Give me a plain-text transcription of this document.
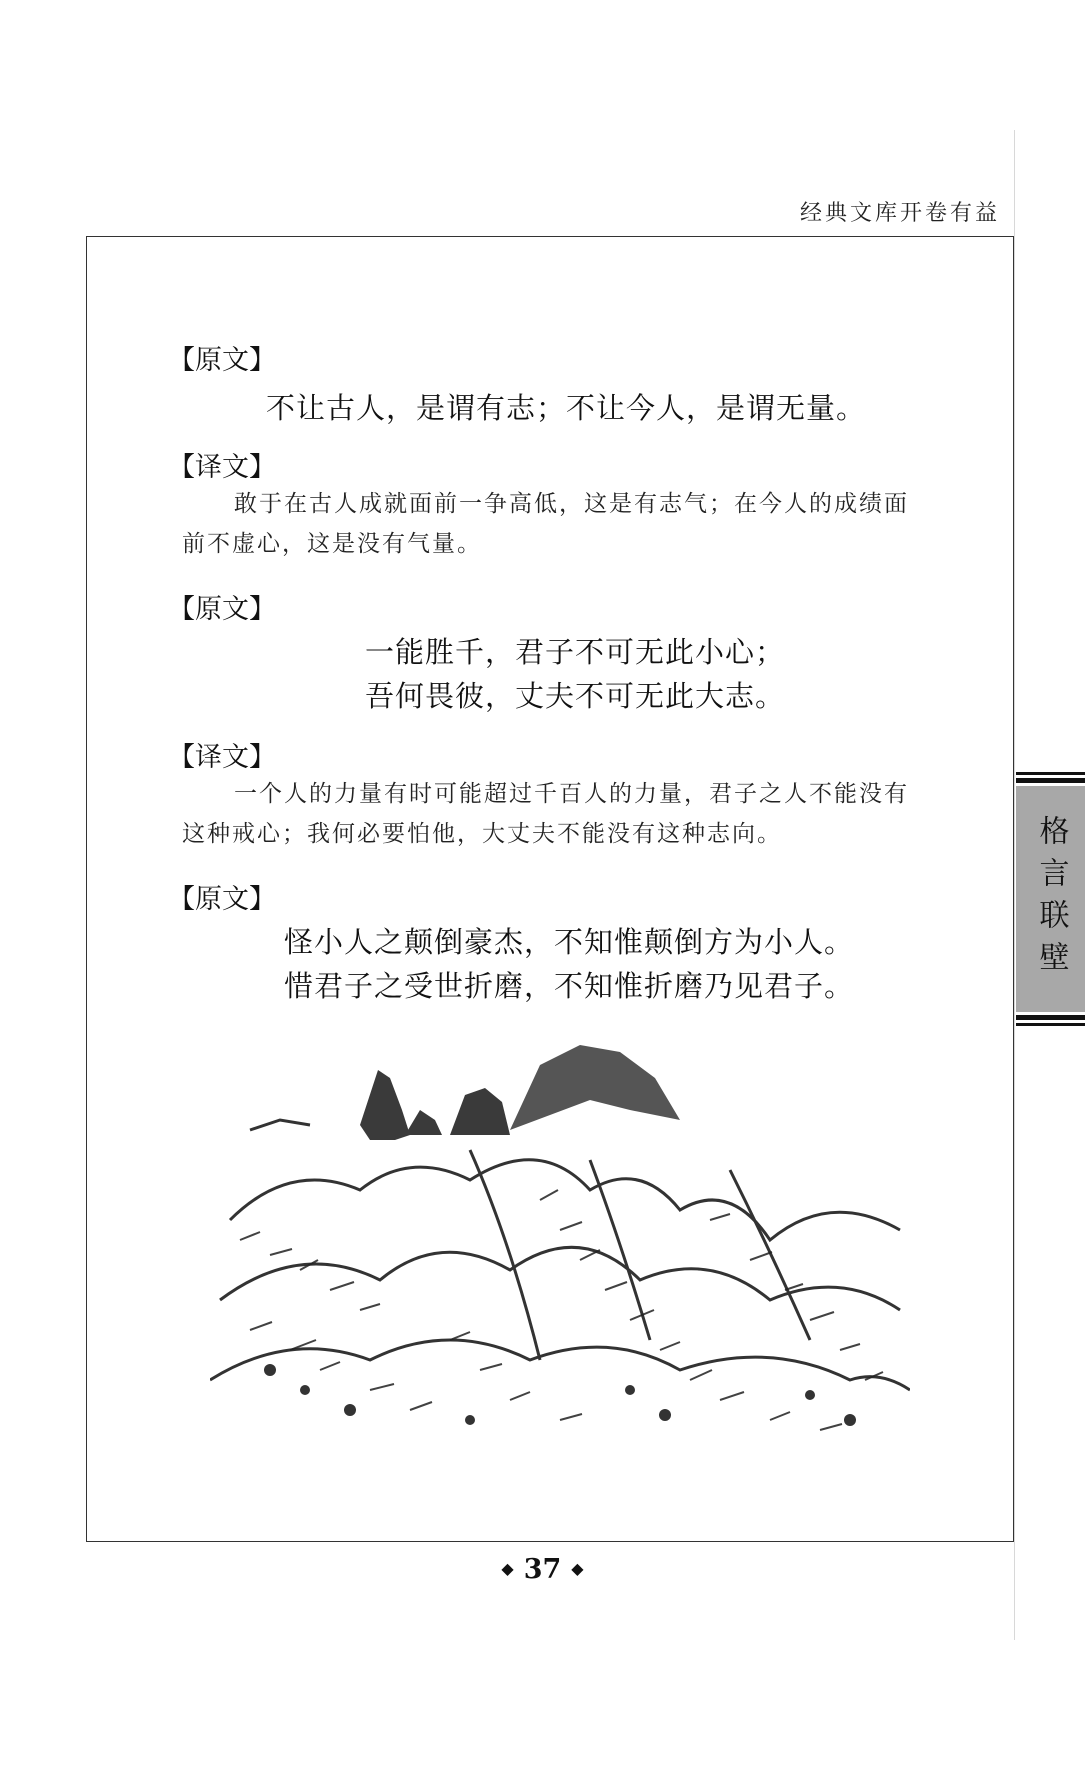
经典文库开卷有益
【原文】
不让古人，是谓有志；不让今人，是谓无量。
【译文】
敢于在古人成就面前一争高低，这是有志气；在今人的成绩面
前不虚心，这是没有气量。
【原文】
一能胜千，君子不可无此小心；
吾何畏彼，丈夫不可无此大志。
【译文】
一个人的力量有时可能超过千百人的力量，君子之人不能没有
这种戒心；我何必要怕他，大丈夫不能没有这种志向。
【原文】
怪小人之颠倒豪杰，不知惟颠倒方为小人。
惜君子之受世折磨，不知惟折磨乃见君子。
格言联壁
◆ 37 ◆
